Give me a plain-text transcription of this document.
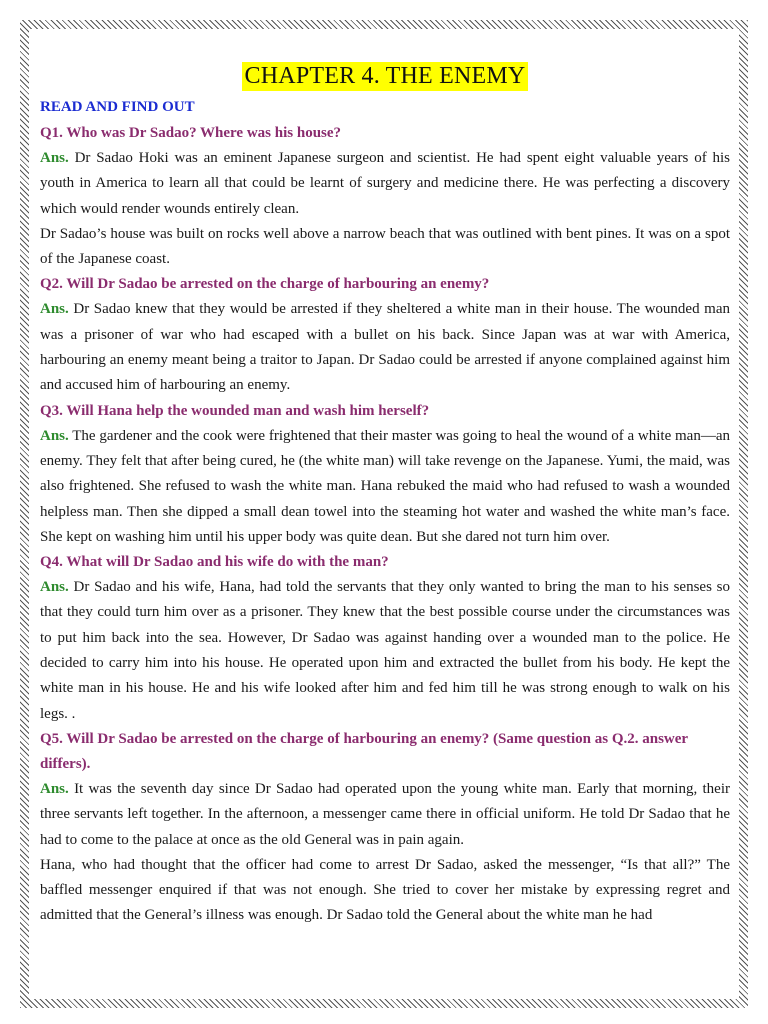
CHAPTER 4. THE ENEMY
READ AND FIND OUT
Q1. Who was Dr Sadao? Where was his house?

Ans. Dr Sadao Hoki was an eminent Japanese surgeon and scientist. He had spent eight valuable years of his youth in America to learn all that could be learnt of surgery and medicine there. He was perfecting a discovery which would render wounds entirely clean.

Dr Sadao’s house was built on rocks well above a narrow beach that was outlined with bent pines. It was on a spot of the Japanese coast.

Q2. Will Dr Sadao be arrested on the charge of harbouring an enemy?

Ans. Dr Sadao knew that they would be arrested if they sheltered a white man in their house. The wounded man was a prisoner of war who had escaped with a bullet on his back. Since Japan was at war with America, harbouring an enemy meant being a traitor to Japan. Dr Sadao could be arrested if anyone complained against him and accused him of harbouring an enemy.

Q3. Will Hana help the wounded man and wash him herself?

Ans. The gardener and the cook were frightened that their master was going to heal the wound of a white man—an enemy. They felt that after being cured, he (the white man) will take revenge on the Japanese. Yumi, the maid, was also frightened. She refused to wash the white man. Hana rebuked the maid who had refused to wash a wounded helpless man. Then she dipped a small dean towel into the steaming hot water and washed the white man’s face. She kept on washing him until his upper body was quite dean. But she dared not turn him over.

Q4. What will Dr Sadao and his wife do with the man?

Ans. Dr Sadao and his wife, Hana, had told the servants that they only wanted to bring the man to his senses so that they could turn him over as a prisoner. They knew that the best possible course under the circumstances was to put him back into the sea. However, Dr Sadao was against handing over a wounded man to the police. He decided to carry him into his house. He operated upon him and extracted the bullet from his body. He kept the white man in his house. He and his wife looked after him and fed him till he was strong enough to walk on his legs. .

Q5. Will Dr Sadao be arrested on the charge of harbouring an enemy? (Same question as Q.2. answer differs).

Ans. It was the seventh day since Dr Sadao had operated upon the young white man. Early that morning, their three servants left together. In the afternoon, a messenger came there in official uniform. He told Dr Sadao that he had to come to the palace at once as the old General was in pain again.

Hana, who had thought that the officer had come to arrest Dr Sadao, asked the messenger, “Is that all?” The baffled messenger enquired if that was not enough. She tried to cover her mistake by expressing regret and admitted that the General’s illness was enough. Dr Sadao told the General about the white man he had
